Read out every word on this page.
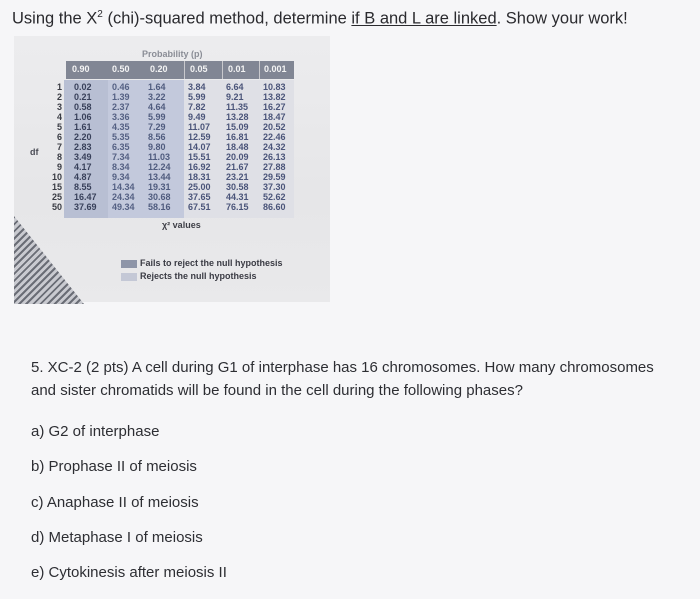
Using the $X^2$ (chi)-squared method, determine if B and L are linked. Show your work!
Probability (p)
0.90 0.50 0.20 0.05 0.01 0.001
df
1 0.02 0.46 1.64 3.84 6.64 10.83
2 0.21 1.39 3.22 5.99 9.21 13.82
3 0.58 2.37 4.64 7.82 11.35 16.27
4 1.06 3.36 5.99 9.49 13.28 18.47
5 1.61 4.35 7.29 11.07 15.09 20.52
6 2.20 5.35 8.56 12.59 16.81 22.46
7 2.83 6.35 9.80 14.07 18.48 24.32
8 3.49 7.34 11.03 15.51 20.09 26.13
9 4.17 8.34 12.24 16.92 21.67 27.88
10 4.87 9.34 13.44 18.31 23.21 29.59
15 8.55 14.34 19.31 25.00 30.58 37.30
25 16.47 24.34 30.68 37.65 44.31 52.62
50 37.69 49.34 58.16 67.51 76.15 86.60
χ² values
Fails to reject the null hypothesis
Rejects the null hypothesis
5. XC-2 (2 pts) A cell during G1 of interphase has 16 chromosomes. How many chromosomes
and sister chromatids will be found in the cell during the following phases?
a) G2 of interphase
b) Prophase II of meiosis
c) Anaphase II of meiosis
d) Metaphase I of meiosis
e) Cytokinesis after meiosis II
